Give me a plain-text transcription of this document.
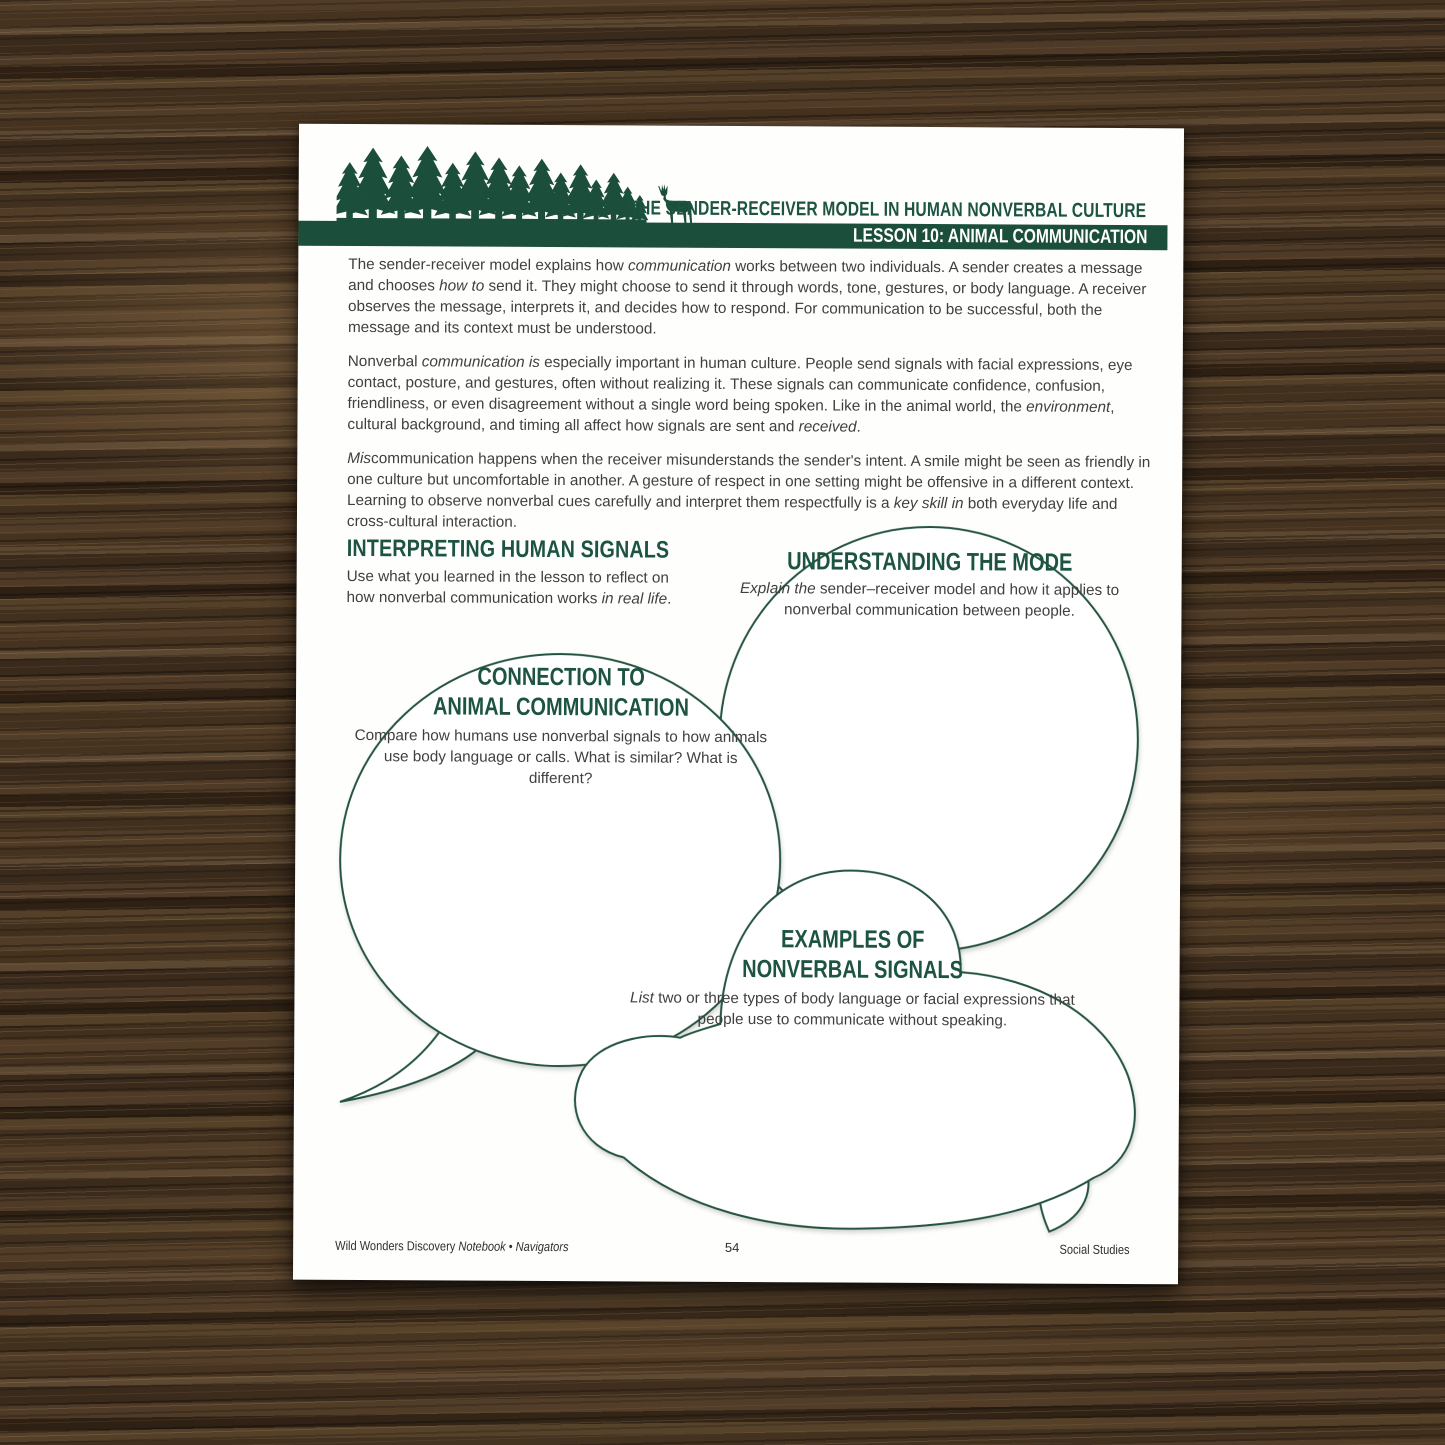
THE SENDER-RECEIVER MODEL IN HUMAN NONVERBAL CULTURE
LESSON 10: ANIMAL COMMUNICATION

The sender-receiver model explains how communication works between two individuals. A sender creates a message and chooses how to send it. They might choose to send it through words, tone, gestures, or body language. A receiver observes the message, interprets it, and decides how to respond. For communication to be successful, both the message and its context must be understood.

Nonverbal communication is especially important in human culture. People send signals with facial expressions, eye contact, posture, and gestures, often without realizing it. These signals can communicate confidence, confusion, friendliness, or even disagreement without a single word being spoken. Like in the animal world, the environment, cultural background, and timing all affect how signals are sent and received.

Miscommunication happens when the receiver misunderstands the sender's intent. A smile might be seen as friendly in one culture but uncomfortable in another. A gesture of respect in one setting might be offensive in a different context. Learning to observe nonverbal cues carefully and interpret them respectfully is a key skill in both everyday life and cross-cultural interaction.

INTERPRETING HUMAN SIGNALS
Use what you learned in the lesson to reflect on how nonverbal communication works in real life.
UNDERSTANDING THE MODE
Explain the sender–receiver model and how it applies to nonverbal communication between people.
CONNECTION TO
ANIMAL COMMUNICATION
Compare how humans use nonverbal signals to how animals use body language or calls. What is similar? What is different?
EXAMPLES OF
NONVERBAL SIGNALS
List two or three types of body language or facial expressions that people use to communicate without speaking.
Wild Wonders Discovery Notebook • Navigators	54	Social Studies
